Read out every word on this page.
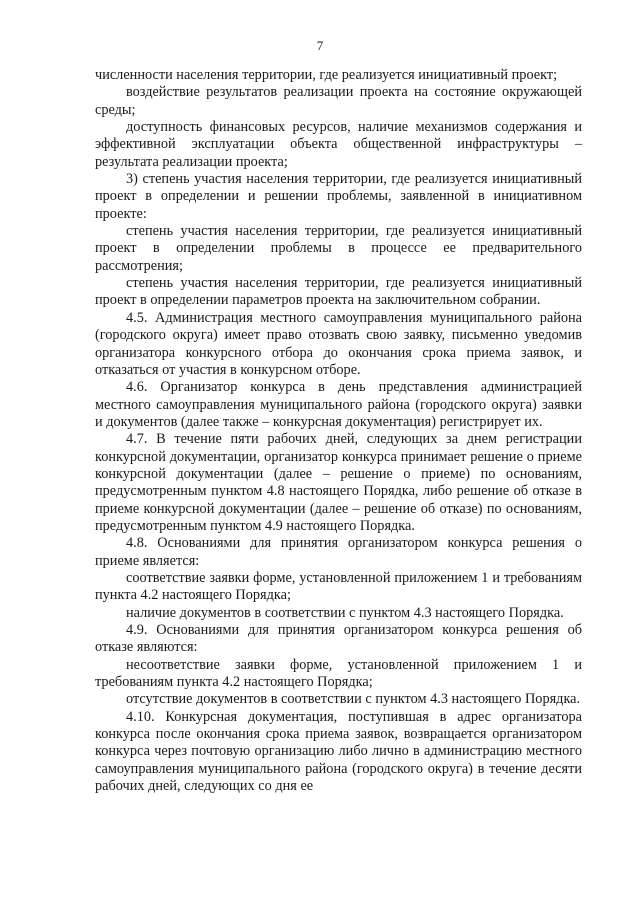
7

численности населения территории, где реализуется инициативный проект;

воздействие результатов реализации проекта на состояние окружающей среды;

доступность финансовых ресурсов, наличие механизмов содержания и эффективной эксплуатации объекта общественной инфраструктуры – результата реализации проекта;

3) степень участия населения территории, где реализуется инициативный проект в определении и решении проблемы, заявленной в инициативном проекте:

степень участия населения территории, где реализуется инициативный проект в определении проблемы в процессе ее предварительного рассмотрения;

степень участия населения территории, где реализуется инициативный проект в определении параметров проекта на заключительном собрании.

4.5. Администрация местного самоуправления муниципального района (городского округа) имеет право отозвать свою заявку, письменно уведомив организатора конкурсного отбора до окончания срока приема заявок, и отказаться от участия в конкурсном отборе.

4.6. Организатор конкурса в день представления администрацией местного самоуправления муниципального района (городского округа) заявки и документов (далее также – конкурсная документация) регистрирует их.

4.7. В течение пяти рабочих дней, следующих за днем регистрации конкурсной документации, организатор конкурса принимает решение о приеме конкурсной документации (далее – решение о приеме) по основаниям, предусмотренным пунктом 4.8 настоящего Порядка, либо решение об отказе в приеме конкурсной документации (далее – решение об отказе) по основаниям, предусмотренным пунктом 4.9 настоящего Порядка.

4.8. Основаниями для принятия организатором конкурса решения о приеме является:

соответствие заявки форме, установленной приложением 1 и требованиям пункта 4.2 настоящего Порядка;

наличие документов в соответствии с пунктом 4.3 настоящего Порядка.

4.9. Основаниями для принятия организатором конкурса решения об отказе являются:

несоответствие заявки форме, установленной приложением 1 и требованиям пункта 4.2 настоящего Порядка;

отсутствие документов в соответствии с пунктом 4.3 настоящего Порядка.

4.10. Конкурсная документация, поступившая в адрес организатора конкурса после окончания срока приема заявок, возвращается организатором конкурса через почтовую организацию либо лично в администрацию местного самоуправления муниципального района (городского округа) в течение десяти рабочих дней, следующих со дня ее
